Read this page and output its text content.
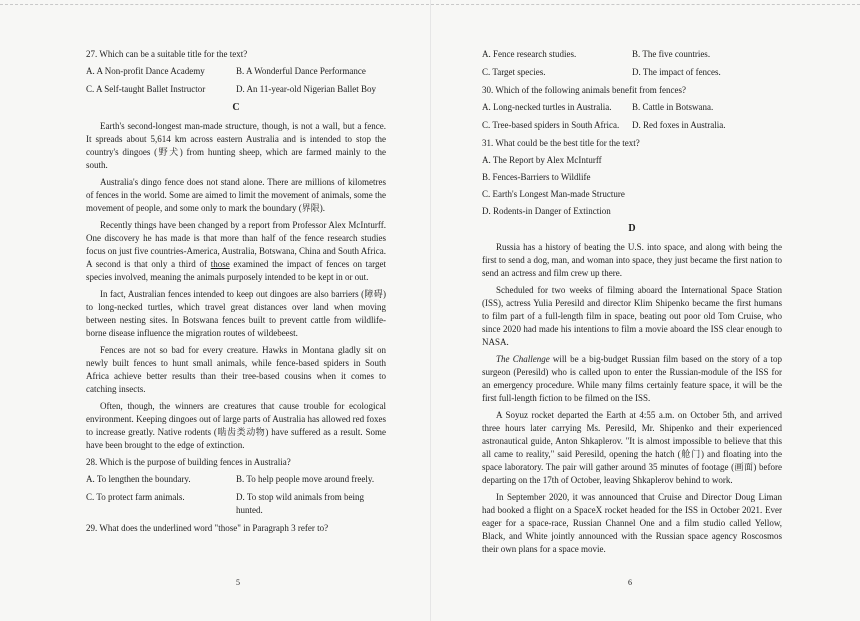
27. Which can be a suitable title for the text?
A. A Non-profit Dance Academy	B. A Wonderful Dance Performance
C. A Self-taught Ballet Instructor	D. An 11-year-old Nigerian Ballet Boy
C

Earth's second-longest man-made structure, though, is not a wall, but a fence. It spreads about 5,614 km across eastern Australia and is intended to stop the country's dingoes (野犬) from hunting sheep, which are farmed mainly to the south.

Australia's dingo fence does not stand alone. There are millions of kilometres of fences in the world. Some are aimed to limit the movement of animals, some the movement of people, and some only to mark the boundary (界限).

Recently things have been changed by a report from Professor Alex McInturff. One discovery he has made is that more than half of the fence research studies focus on just five countries-America, Australia, Botswana, China and South Africa. A second is that only a third of those examined the impact of fences on target species involved, meaning the animals purposely intended to be kept in or out.

In fact, Australian fences intended to keep out dingoes are also barriers (障碍) to long-necked turtles, which travel great distances over land when moving between nesting sites. In Botswana fences built to prevent cattle from wildlife-borne disease influence the migration routes of wildebeest.

Fences are not so bad for every creature. Hawks in Montana gladly sit on newly built fences to hunt small animals, while fence-based spiders in South Africa achieve better results than their tree-based cousins when it comes to catching insects.

Often, though, the winners are creatures that cause trouble for ecological environment. Keeping dingoes out of large parts of Australia has allowed red foxes to increase greatly. Native rodents (啮齿类动物) have suffered as a result. Some have been brought to the edge of extinction.

28. Which is the purpose of building fences in Australia?
A. To lengthen the boundary.	B. To help people move around freely.
C. To protect farm animals.	D. To stop wild animals from being hunted.
29. What does the underlined word "those" in Paragraph 3 refer to?
5
A. Fence research studies.	B. The five countries.
C. Target species.	D. The impact of fences.
30. Which of the following animals benefit from fences?
A. Long-necked turtles in Australia.	B. Cattle in Botswana.
C. Tree-based spiders in South Africa.	D. Red foxes in Australia.
31. What could be the best title for the text?
A. The Report by Alex McInturff
B. Fences-Barriers to Wildlife
C. Earth's Longest Man-made Structure
D. Rodents-in Danger of Extinction
D

Russia has a history of beating the U.S. into space, and along with being the first to send a dog, man, and woman into space, they just became the first nation to send an actress and film crew up there.

Scheduled for two weeks of filming aboard the International Space Station (ISS), actress Yulia Peresild and director Klim Shipenko became the first humans to film part of a full-length film in space, beating out poor old Tom Cruise, who since 2020 had made his intentions to film a movie aboard the ISS clear enough to NASA.

The Challenge will be a big-budget Russian film based on the story of a top surgeon (Peresild) who is called upon to enter the Russian-module of the ISS for an emergency procedure. While many films certainly feature space, it will be the first full-length fiction to be filmed on the ISS.

A Soyuz rocket departed the Earth at 4:55 a.m. on October 5th, and arrived three hours later carrying Ms. Peresild, Mr. Shipenko and their experienced astronautical guide, Anton Shkaplerov. "It is almost impossible to believe that this all came to reality," said Peresild, opening the hatch (舱门) and floating into the space laboratory. The pair will gather around 35 minutes of footage (画面) before departing on the 17th of October, leaving Shkaplerov behind to work.

In September 2020, it was announced that Cruise and Director Doug Liman had booked a flight on a SpaceX rocket headed for the ISS in October 2021. Ever eager for a space-race, Russian Channel One and a film studio called Yellow, Black, and White jointly announced with the Russian space agency Roscosmos their own plans for a space movie.

6
